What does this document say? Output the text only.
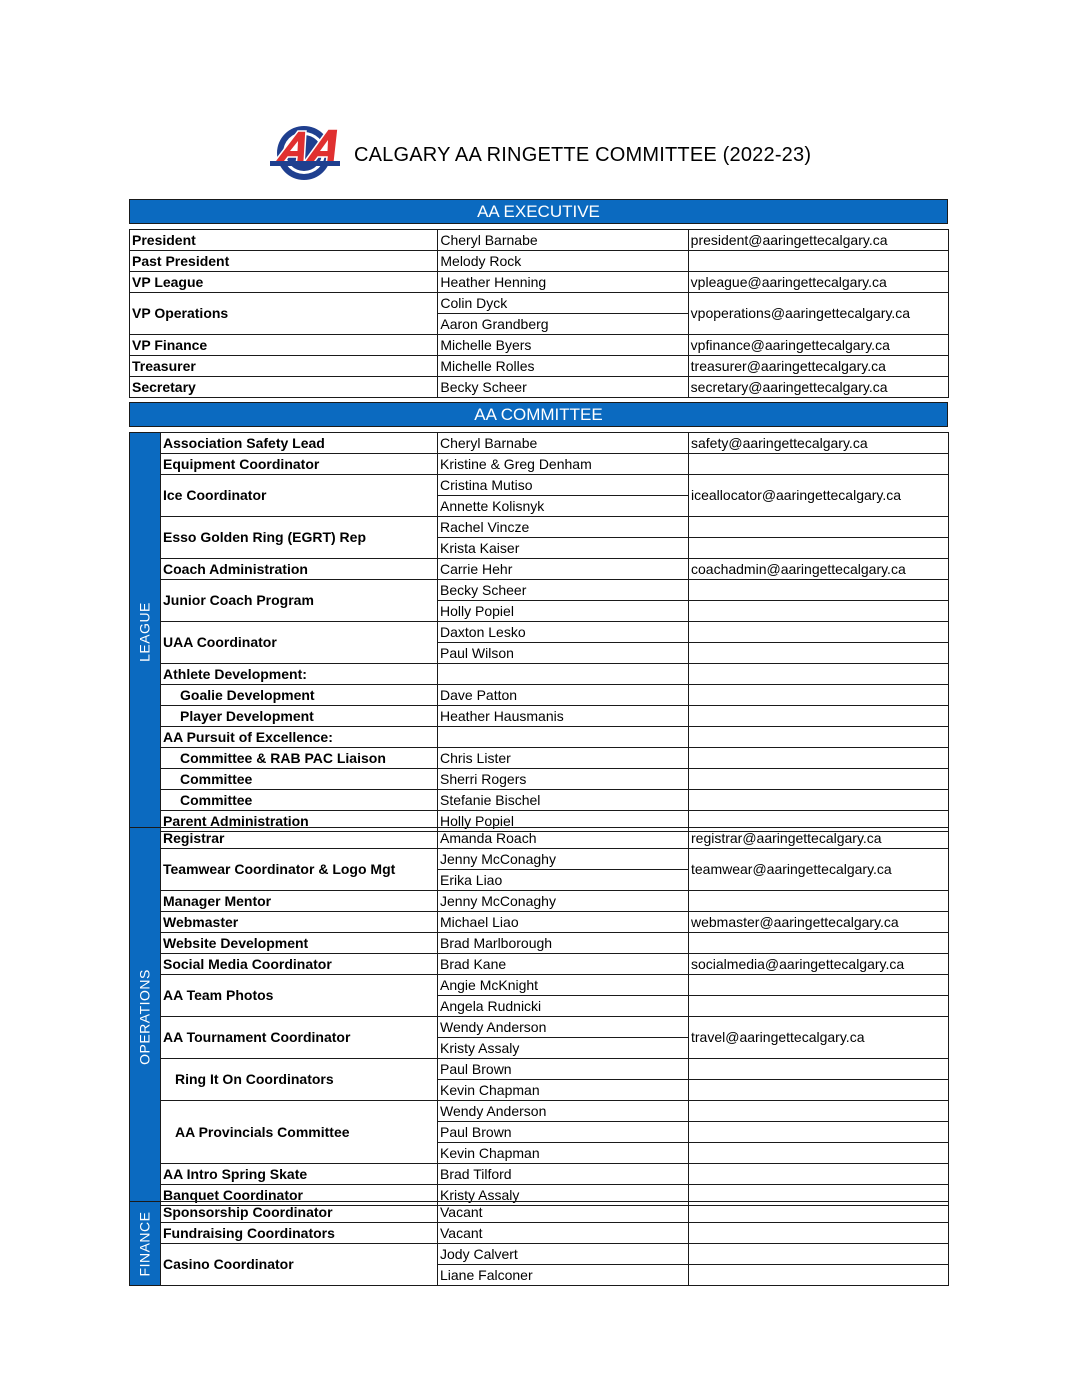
CALGARY AA RINGETTE COMMITTEE (2022-23)
AA EXECUTIVE
President	Cheryl Barnabe	president@aaringettecalgary.ca
Past President	Melody Rock	
VP League	Heather Henning	vpleague@aaringettecalgary.ca
VP Operations	Colin Dyck	vpoperations@aaringettecalgary.ca
	Aaron Grandberg	
VP Finance	Michelle Byers	vpfinance@aaringettecalgary.ca
Treasurer	Michelle Rolles	treasurer@aaringettecalgary.ca
Secretary	Becky Scheer	secretary@aaringettecalgary.ca
AA COMMITTEE
LEAGUE	Association Safety Lead	Cheryl Barnabe	safety@aaringettecalgary.ca
	Equipment Coordinator	Kristine & Greg Denham	
	Ice Coordinator	Cristina Mutiso	iceallocator@aaringettecalgary.ca
		Annette Kolisnyk	
	Esso Golden Ring (EGRT) Rep	Rachel Vincze	
		Krista Kaiser	
	Coach Administration	Carrie Hehr	coachadmin@aaringettecalgary.ca
	Junior Coach Program	Becky Scheer	
		Holly Popiel	
	UAA Coordinator	Daxton Lesko	
		Paul Wilson	
	Athlete Development:		
	Goalie Development	Dave Patton	
	Player Development	Heather Hausmanis	
	AA Pursuit of Excellence:		
	Committee & RAB PAC Liaison	Chris Lister	
	Committee	Sherri Rogers	
	Committee	Stefanie Bischel	
	Parent Administration	Holly Popiel	
OPERATIONS	Registrar	Amanda Roach	registrar@aaringettecalgary.ca
	Teamwear Coordinator & Logo Mgt	Jenny McConaghy	teamwear@aaringettecalgary.ca
		Erika Liao	
	Manager Mentor	Jenny McConaghy	
	Webmaster	Michael Liao	webmaster@aaringettecalgary.ca
	Website Development	Brad Marlborough	
	Social Media Coordinator	Brad Kane	socialmedia@aaringettecalgary.ca
	AA Team Photos	Angie McKnight	
		Angela Rudnicki	
	AA Tournament Coordinator	Wendy Anderson	travel@aaringettecalgary.ca
		Kristy Assaly	
	Ring It On Coordinators	Paul Brown	
		Kevin Chapman	
	AA Provincials Committee	Wendy Anderson	
		Paul Brown	
		Kevin Chapman	
	AA Intro Spring Skate	Brad Tilford	
	Banquet Coordinator	Kristy Assaly	
FINANCE	Sponsorship Coordinator	Vacant	
	Fundraising Coordinators	Vacant	
	Casino Coordinator	Jody Calvert	
		Liane Falconer	
